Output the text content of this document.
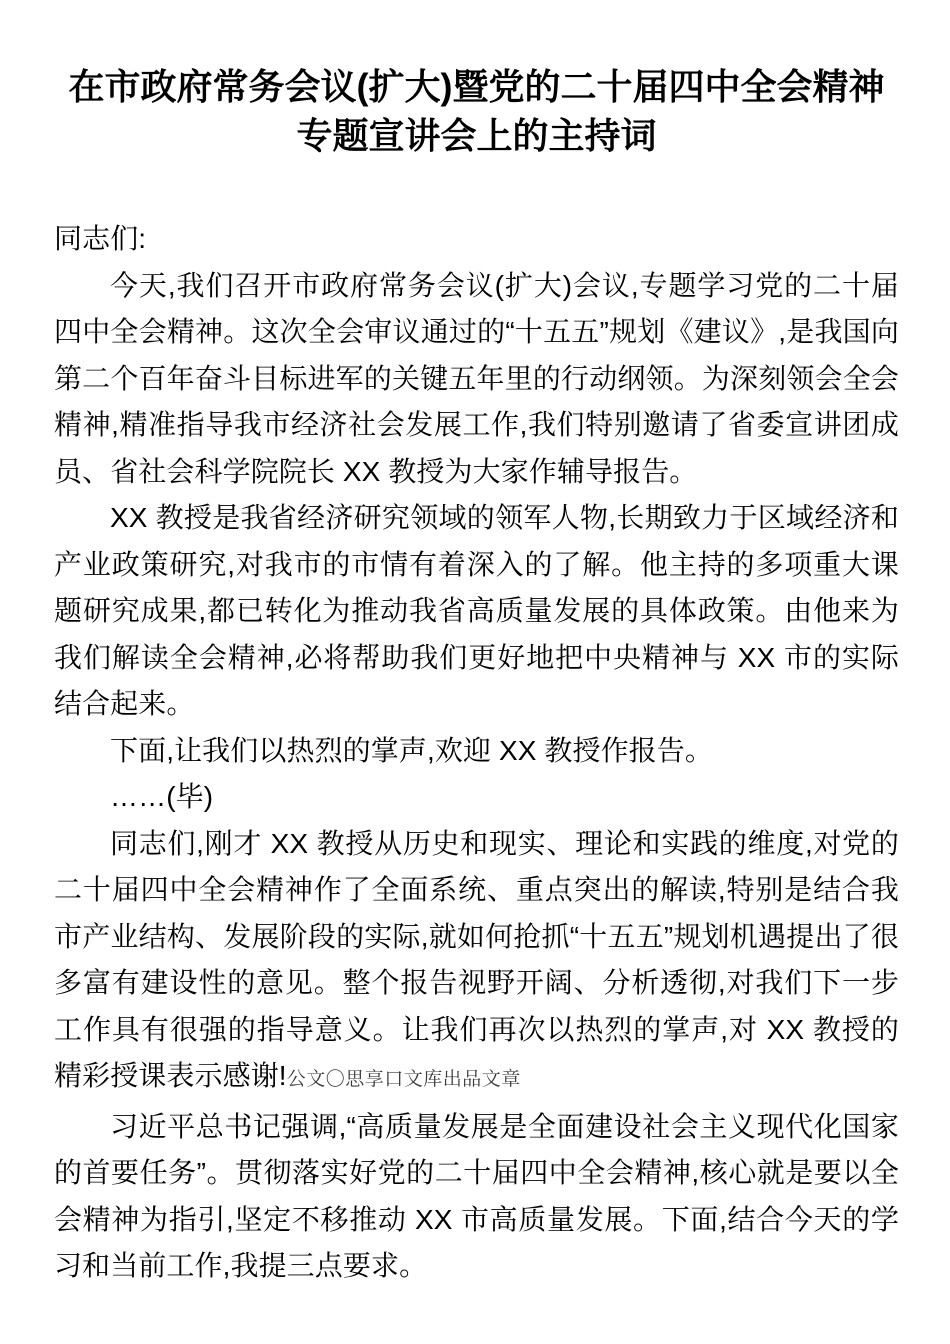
在市政府常务会议(扩大)暨党的二十届四中全会精神专题宣讲会上的主持词

同志们:

今天,我们召开市政府常务会议(扩大)会议,专题学习党的二十届四中全会精神。这次全会审议通过的“十五五”规划《建议》,是我国向第二个百年奋斗目标进军的关键五年里的行动纲领。为深刻领会全会精神,精准指导我市经济社会发展工作,我们特别邀请了省委宣讲团成员、省社会科学院院长 XX 教授为大家作辅导报告。

XX 教授是我省经济研究领域的领军人物,长期致力于区域经济和产业政策研究,对我市的市情有着深入的了解。他主持的多项重大课题研究成果,都已转化为推动我省高质量发展的具体政策。由他来为我们解读全会精神,必将帮助我们更好地把中央精神与 XX 市的实际结合起来。

下面,让我们以热烈的掌声,欢迎 XX 教授作报告。

……(毕)

同志们,刚才 XX 教授从历史和现实、理论和实践的维度,对党的二十届四中全会精神作了全面系统、重点突出的解读,特别是结合我市产业结构、发展阶段的实际,就如何抢抓“十五五”规划机遇提出了很多富有建设性的意见。整个报告视野开阔、分析透彻,对我们下一步工作具有很强的指导意义。让我们再次以热烈的掌声,对 XX 教授的精彩授课表示感谢!公文〇思享口文库出品文章

习近平总书记强调,“高质量发展是全面建设社会主义现代化国家的首要任务”。贯彻落实好党的二十届四中全会精神,核心就是要以全会精神为指引,坚定不移推动 XX 市高质量发展。下面,结合今天的学习和当前工作,我提三点要求。
